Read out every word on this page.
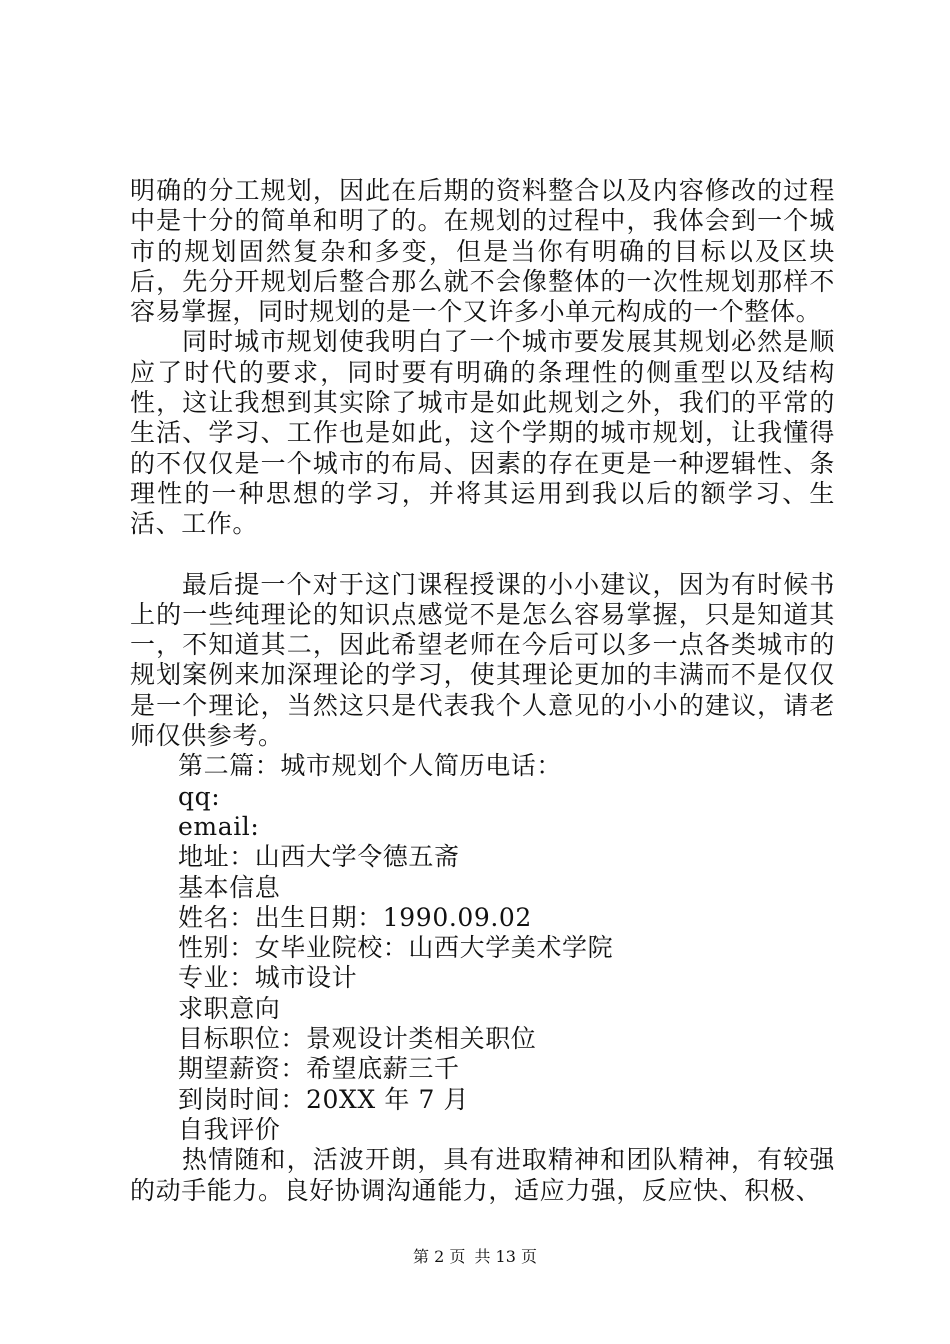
明确的分工规划，因此在后期的资料整合以及内容修改的过程中是十分的简单和明了的。在规划的过程中，我体会到一个城市的规划固然复杂和多变，但是当你有明确的目标以及区块后，先分开规划后整合那么就不会像整体的一次性规划那样不容易掌握，同时规划的是一个又许多小单元构成的一个整体。

同时城市规划使我明白了一个城市要发展其规划必然是顺应了时代的要求，同时要有明确的条理性的侧重型以及结构性，这让我想到其实除了城市是如此规划之外，我们的平常的生活、学习、工作也是如此，这个学期的城市规划，让我懂得的不仅仅是一个城市的布局、因素的存在更是一种逻辑性、条理性的一种思想的学习，并将其运用到我以后的额学习、生活、工作。

最后提一个对于这门课程授课的小小建议，因为有时候书上的一些纯理论的知识点感觉不是怎么容易掌握，只是知道其一，不知道其二，因此希望老师在今后可以多一点各类城市的规划案例来加深理论的学习，使其理论更加的丰满而不是仅仅是一个理论，当然这只是代表我个人意见的小小的建议，请老师仅供参考。

第二篇：城市规划个人简历电话：

qq:

email:

地址：山西大学令德五斋

基本信息

姓名：出生日期：1990.09.02

性别：女毕业院校：山西大学美术学院

专业：城市设计

求职意向

目标职位：景观设计类相关职位

期望薪资：希望底薪三千

到岗时间：20XX 年 7 月

自我评价

热情随和，活波开朗，具有进取精神和团队精神，有较强的动手能力。良好协调沟通能力，适应力强，反应快、积极、

第 2 页 共 13 页
